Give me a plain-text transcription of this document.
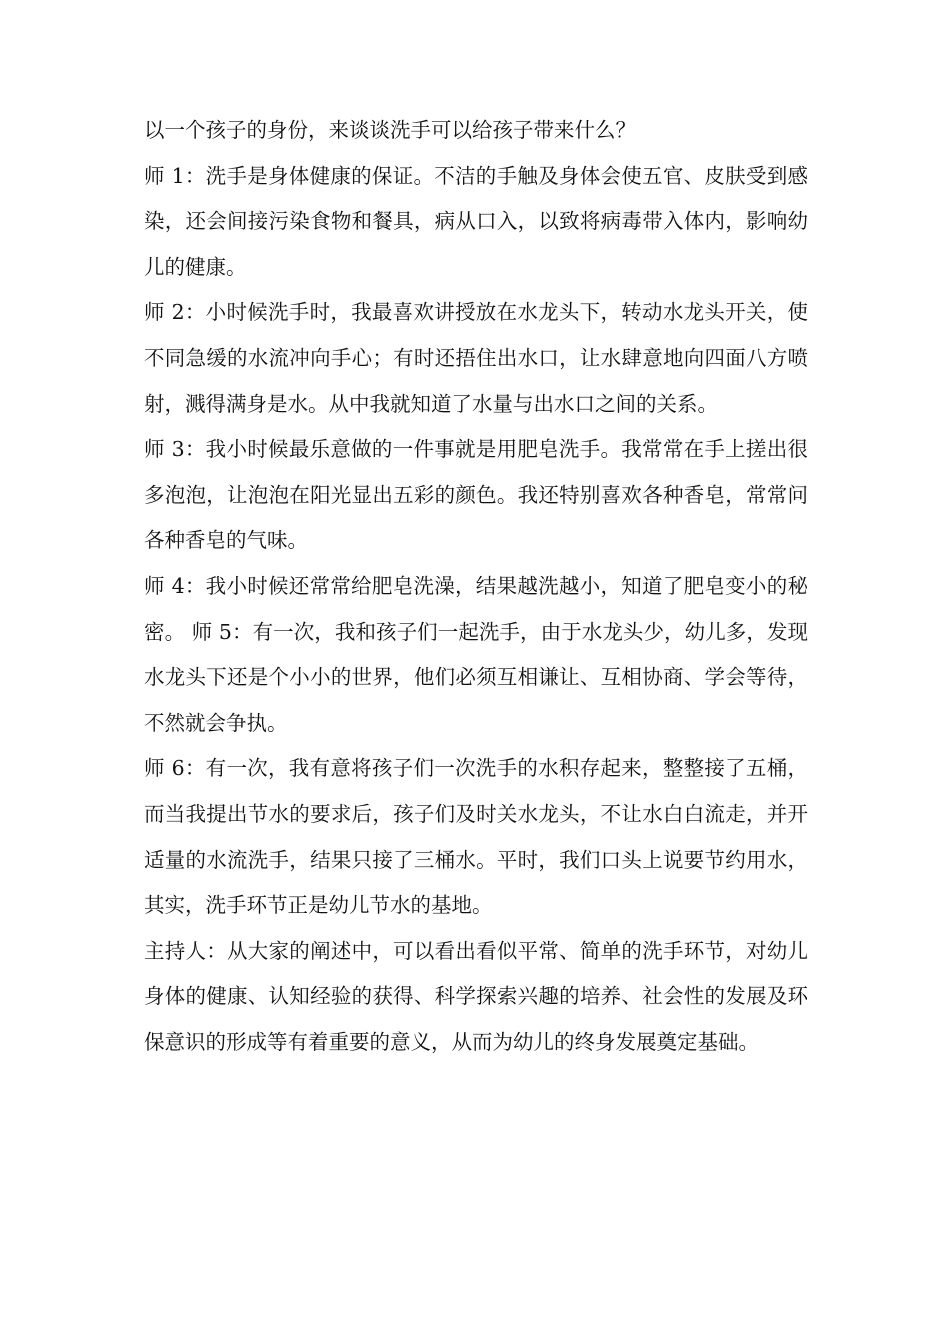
以一个孩子的身份，来谈谈洗手可以给孩子带来什么？

师 1：洗手是身体健康的保证。不洁的手触及身体会使五官、皮肤受到感染，还会间接污染食物和餐具，病从口入，以致将病毒带入体内，影响幼儿的健康。

师 2：小时候洗手时，我最喜欢讲授放在水龙头下，转动水龙头开关，使不同急缓的水流冲向手心；有时还捂住出水口，让水肆意地向四面八方喷射，溅得满身是水。从中我就知道了水量与出水口之间的关系。

师 3：我小时候最乐意做的一件事就是用肥皂洗手。我常常在手上搓出很多泡泡，让泡泡在阳光显出五彩的颜色。我还特别喜欢各种香皂，常常问各种香皂的气味。

师 4：我小时候还常常给肥皂洗澡，结果越洗越小，知道了肥皂变小的秘密。 师 5：有一次，我和孩子们一起洗手，由于水龙头少，幼儿多，发现水龙头下还是个小小的世界，他们必须互相谦让、互相协商、学会等待，不然就会争执。

师 6：有一次，我有意将孩子们一次洗手的水积存起来，整整接了五桶，而当我提出节水的要求后，孩子们及时关水龙头，不让水白白流走，并开适量的水流洗手，结果只接了三桶水。平时，我们口头上说要节约用水，其实，洗手环节正是幼儿节水的基地。

主持人：从大家的阐述中，可以看出看似平常、简单的洗手环节，对幼儿身体的健康、认知经验的获得、科学探索兴趣的培养、社会性的发展及环保意识的形成等有着重要的意义，从而为幼儿的终身发展奠定基础。
